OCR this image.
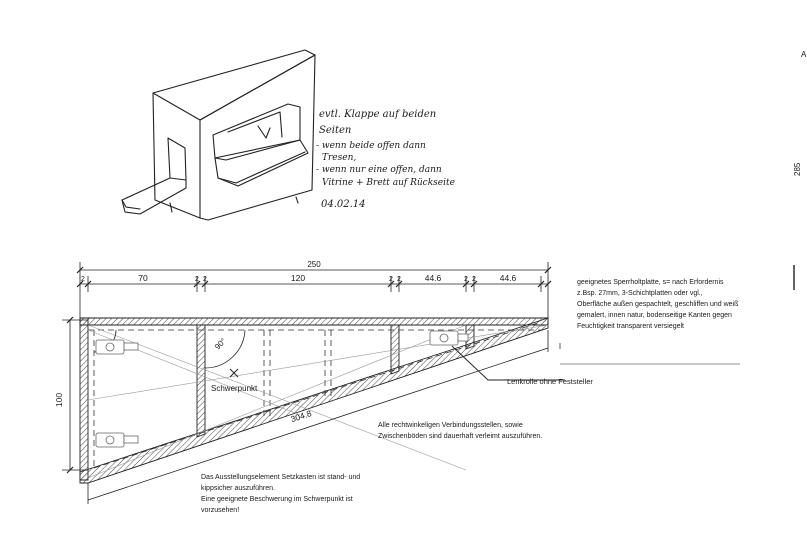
evtl. Klappe auf beiden
Seiten
- wenn beide offen dann
Tresen,
- wenn nur eine offen, dann
Vitrine + Brett auf Rückseite
04.02.14
285
A
250
2	70	2 2	120	2 2	44.6	2 2	44.6
100
90°
Schwerpunkt
304.8
geeignetes Sperrholtplatte, s= nach Erfordernis
z.Bsp. 27mm, 3-Schichtplatten oder vgl.,
Oberfläche außen gespachtelt, geschliffen und weiß
gemalert, innen natur, bodenseitige Kanten gegen
Feuchtigkeit transparent versiegelt
Lenkrolle ohne Feststeller
Alle rechtwinkeligen Verbindungsstellen, sowie
Zwischenböden sind dauerhaft verleimt auszuführen.
Das Ausstellungselement Setzkasten ist stand- und
kippsicher auszuführen.
Eine geeignete Beschwerung im Schwerpunkt ist
vorzusehen!
